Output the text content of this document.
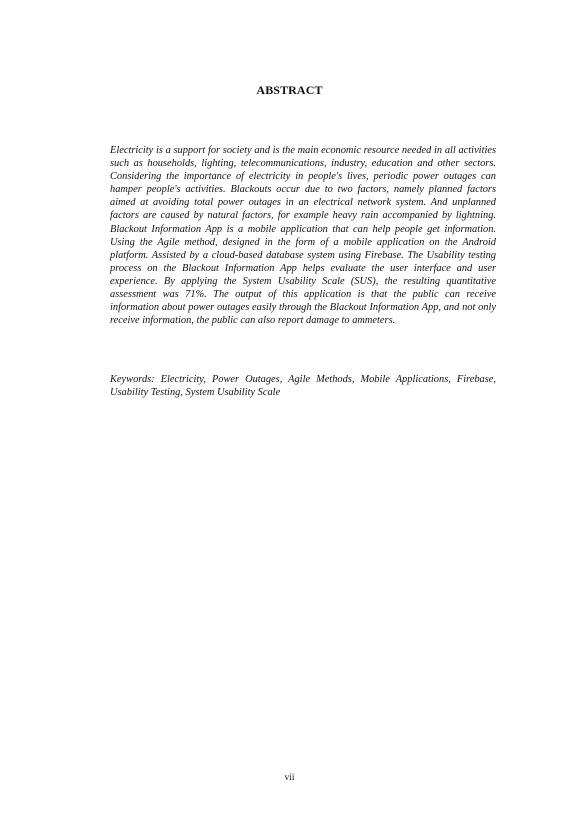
ABSTRACT

Electricity is a support for society and is the main economic resource needed in all activities such as households, lighting, telecommunications, industry, education and other sectors. Considering the importance of electricity in people's lives, periodic power outages can hamper people's activities. Blackouts occur due to two factors, namely planned factors aimed at avoiding total power outages in an electrical network system. And unplanned factors are caused by natural factors, for example heavy rain accompanied by lightning. Blackout Information App is a mobile application that can help people get information. Using the Agile method, designed in the form of a mobile application on the Android platform. Assisted by a cloud-based database system using Firebase. The Usability testing process on the Blackout Information App helps evaluate the user interface and user experience. By applying the System Usability Scale (SUS), the resulting quantitative assessment was 71%. The output of this application is that the public can receive information about power outages easily through the Blackout Information App, and not only receive information, the public can also report damage to ammeters.

Keywords: Electricity, Power Outages, Agile Methods, Mobile Applications, Firebase, Usability Testing, System Usability Scale

vii
